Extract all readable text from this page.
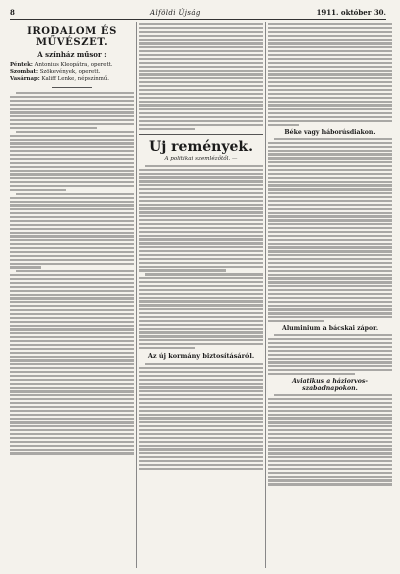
8	Alföldi Újság	1911. október 30.
IRODALOM ÉS MŰVÉSZET.
A színház műsor :

Péntek: Antonius Kleopátra, operett.

Szombat: Szökevények, operett.

Vasárnap: Kaliff Lenke, népszínmű.

Uj remények.
A politikai szemlézőtől. —
Az új kormány biztosításáról.
Béke vagy háborúsdiakon.
Aluminium a bácskai zápor.
Aviatikus a háziorvos-szabadnapokon.
